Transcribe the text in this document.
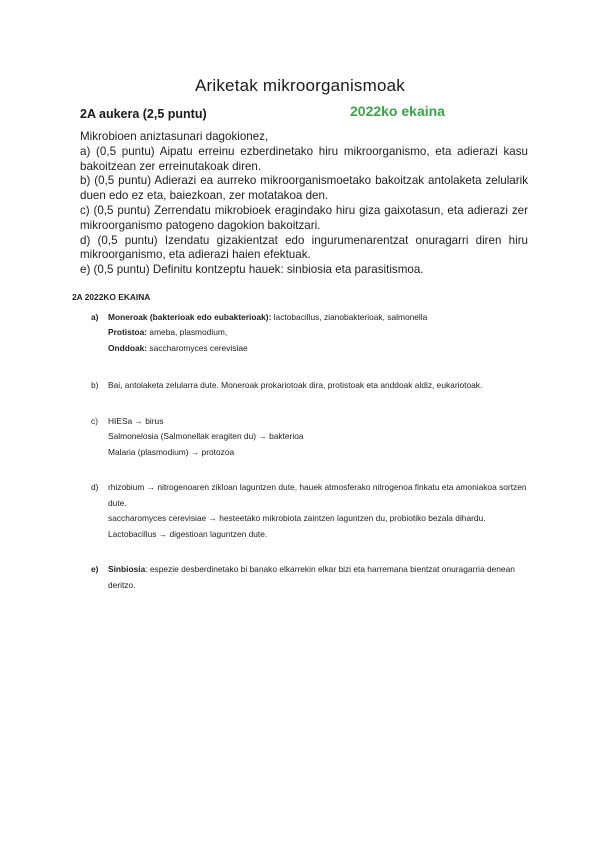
Ariketak mikroorganismoak
2A aukera (2,5 puntu)	2022ko ekaina

Mikrobioen aniztasunari dagokionez,

a) (0,5 puntu) Aipatu erreinu ezberdinetako hiru mikroorganismo, eta adierazi kasu bakoitzean zer erreinutakoak diren.

b) (0,5 puntu) Adierazi ea aurreko mikroorganismoetako bakoitzak antolaketa zelularik duen edo ez eta, baiezkoan, zer motatakoa den.

c) (0,5 puntu) Zerrendatu mikrobioek eragindako hiru giza gaixotasun, eta adierazi zer mikroorganismo patogeno dagokion bakoitzari.

d) (0,5 puntu) Izendatu gizakientzat edo ingurumenarentzat onuragarri diren hiru mikroorganismo, eta adierazi haien efektuak.

e) (0,5 puntu) Definitu kontzeptu hauek: sinbiosia eta parasitismoa.

2A 2022KO EKAINA
a) Moneroak (bakterioak edo eubakterioak): lactobacillus, zianobakterioak, salmonella

Protistoa: ameba, plasmodium,

Onddoak: saccharomyces cerevisiae

b) Bai, antolaketa zelularra dute. Moneroak prokariotoak dira, protistoak eta anddoak aldiz, eukariotoak.

c) HIESa → birus

Salmonelosia (Salmonellak eragiten du) → bakterioa

Malaria (plasmodium) → protozoa

d) rhizobium → nitrogenoaren zikloan laguntzen dute, hauek atmosferako nitrogenoa finkatu eta amoniakoa sortzen dute.

saccharomyces cerevisiae → hesteetako mikrobiota zaintzen laguntzen du, probiotiko bezala dihardu.

Lactobacillus → digestioan laguntzen dute.

e) Sinbiosia: espezie desberdinetako bi banako elkarrekin elkar bizi eta harremana bientzat onuragarria denean deritzo.
